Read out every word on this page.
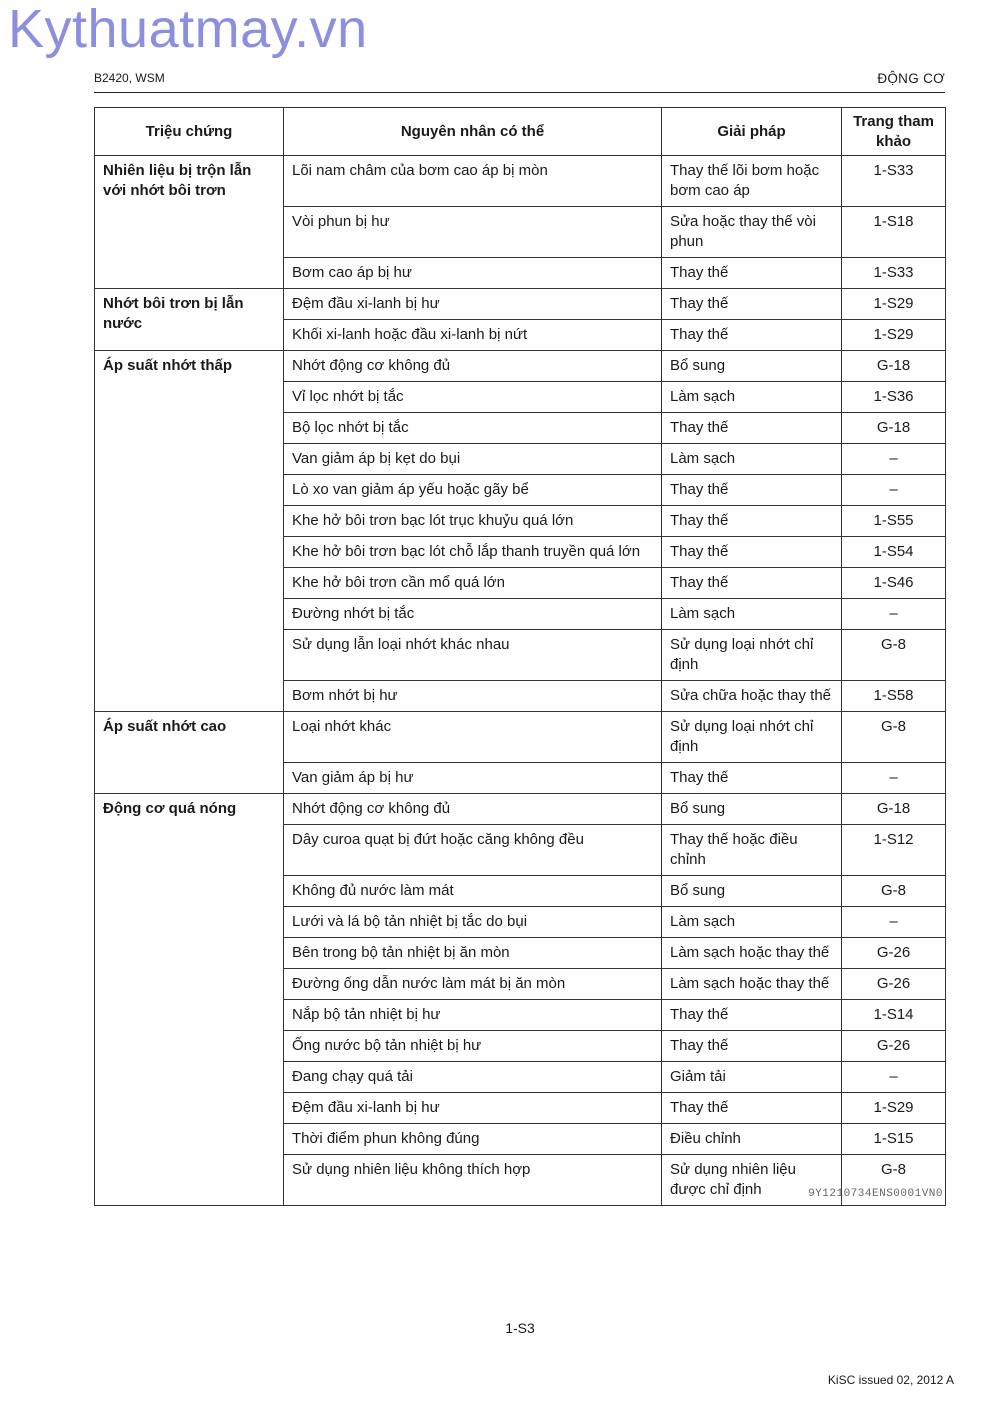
Kythuatmay.vn
B2420, WSM	ĐỘNG CƠ
Triệu chứng	Nguyên nhân có thể	Giải pháp	Trang tham khảo
Nhiên liệu bị trộn lẫn với nhớt bôi trơn	Lõi nam châm của bơm cao áp bị mòn	Thay thế lõi bơm hoặc bơm cao áp	1-S33
	Vòi phun bị hư	Sửa hoặc thay thế vòi phun	1-S18
	Bơm cao áp bị hư	Thay thế	1-S33
Nhớt bôi trơn bị lẫn nước	Đệm đầu xi-lanh bị hư	Thay thế	1-S29
	Khối xi-lanh hoặc đầu xi-lanh bị nứt	Thay thế	1-S29
Áp suất nhớt thấp	Nhớt động cơ không đủ	Bổ sung	G-18
	Vỉ lọc nhớt bị tắc	Làm sạch	1-S36
	Bộ lọc nhớt bị tắc	Thay thế	G-18
	Van giảm áp bị kẹt do bụi	Làm sạch	–
	Lò xo van giảm áp yếu hoặc gãy bể	Thay thế	–
	Khe hở bôi trơn bạc lót trục khuỷu quá lớn	Thay thế	1-S55
	Khe hở bôi trơn bạc lót chỗ lắp thanh truyền quá lớn	Thay thế	1-S54
	Khe hở bôi trơn cần mổ quá lớn	Thay thế	1-S46
	Đường nhớt bị tắc	Làm sạch	–
	Sử dụng lẫn loại nhớt khác nhau	Sử dụng loại nhớt chỉ định	G-8
	Bơm nhớt bị hư	Sửa chữa hoặc thay thế	1-S58
Áp suất nhớt cao	Loại nhớt khác	Sử dụng loại nhớt chỉ định	G-8
	Van giảm áp bị hư	Thay thế	–
Động cơ quá nóng	Nhớt động cơ không đủ	Bổ sung	G-18
	Dây curoa quạt bị đứt hoặc căng không đều	Thay thế hoặc điều chỉnh	1-S12
	Không đủ nước làm mát	Bổ sung	G-8
	Lưới và lá bộ tản nhiệt bị tắc do bụi	Làm sạch	–
	Bên trong bộ tản nhiệt bị ăn mòn	Làm sạch hoặc thay thế	G-26
	Đường ống dẫn nước làm mát bị ăn mòn	Làm sạch hoặc thay thế	G-26
	Nắp bộ tản nhiệt bị hư	Thay thế	1-S14
	Ống nước bộ tản nhiệt bị hư	Thay thế	G-26
	Đang chạy quá tải	Giảm tải	–
	Đệm đầu xi-lanh bị hư	Thay thế	1-S29
	Thời điểm phun không đúng	Điều chỉnh	1-S15
	Sử dụng nhiên liệu không thích hợp	Sử dụng nhiên liệu được chỉ định	G-8
9Y1210734ENS0001VN0
1-S3
KiSC issued 02, 2012 A
